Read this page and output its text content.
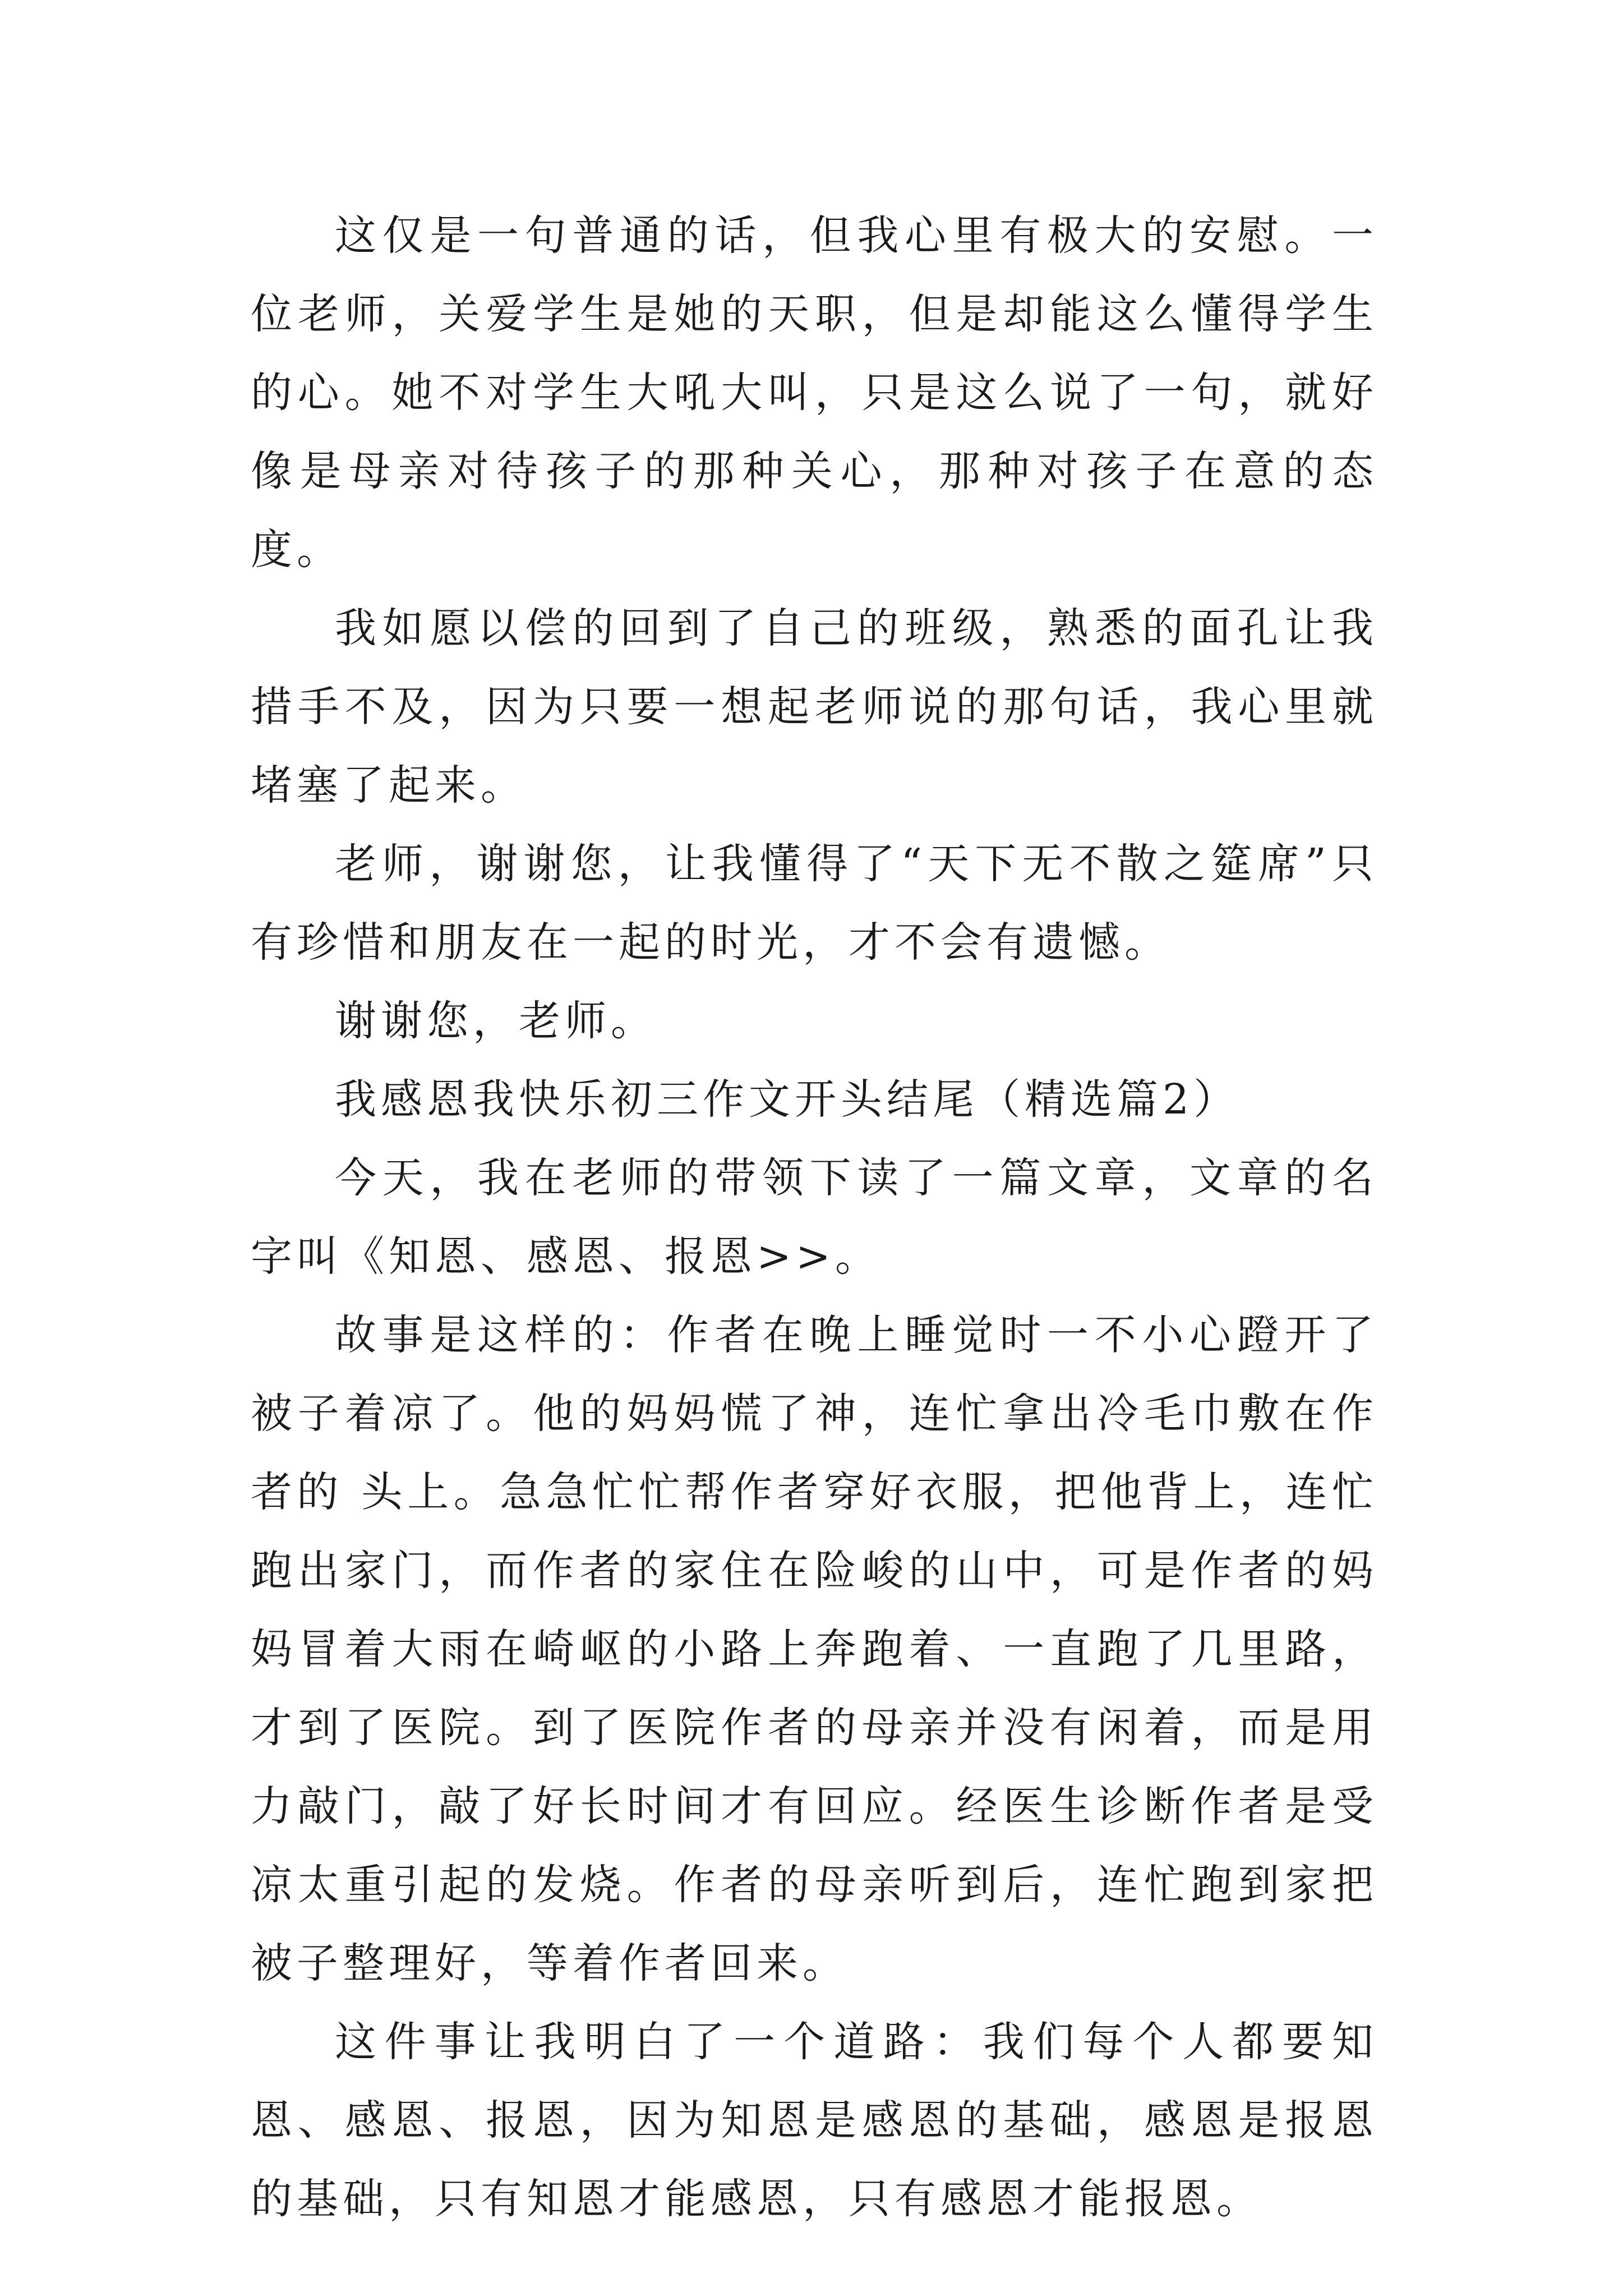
这仅是一句普通的话，但我心里有极大的安慰。一位老师，关爱学生是她的天职，但是却能这么懂得学生的心。她不对学生大吼大叫，只是这么说了一句，就好像是母亲对待孩子的那种关心，那种对孩子在意的态度。

我如愿以偿的回到了自己的班级，熟悉的面孔让我措手不及，因为只要一想起老师说的那句话，我心里就堵塞了起来。

老师，谢谢您，让我懂得了“天下无不散之筵席”只有珍惜和朋友在一起的时光，才不会有遗憾。

谢谢您，老师。

我感恩我快乐初三作文开头结尾（精选篇2）

今天，我在老师的带领下读了一篇文章，文章的名字叫《知恩、感恩、报恩>>。

故事是这样的：作者在晚上睡觉时一不小心蹬开了被子着凉了。他的妈妈慌了神，连忙拿出冷毛巾敷在作者的 头上。急急忙忙帮作者穿好衣服，把他背上，连忙跑出家门，而作者的家住在险峻的山中，可是作者的妈妈冒着大雨在崎岖的小路上奔跑着、一直跑了几里路，才到了医院。到了医院作者的母亲并没有闲着，而是用力敲门，敲了好长时间才有回应。经医生诊断作者是受凉太重引起的发烧。作者的母亲听到后，连忙跑到家把被子整理好，等着作者回来。

这件事让我明白了一个道路：我们每个人都要知恩、感恩、报恩，因为知恩是感恩的基础，感恩是报恩的基础，只有知恩才能感恩，只有感恩才能报恩。
